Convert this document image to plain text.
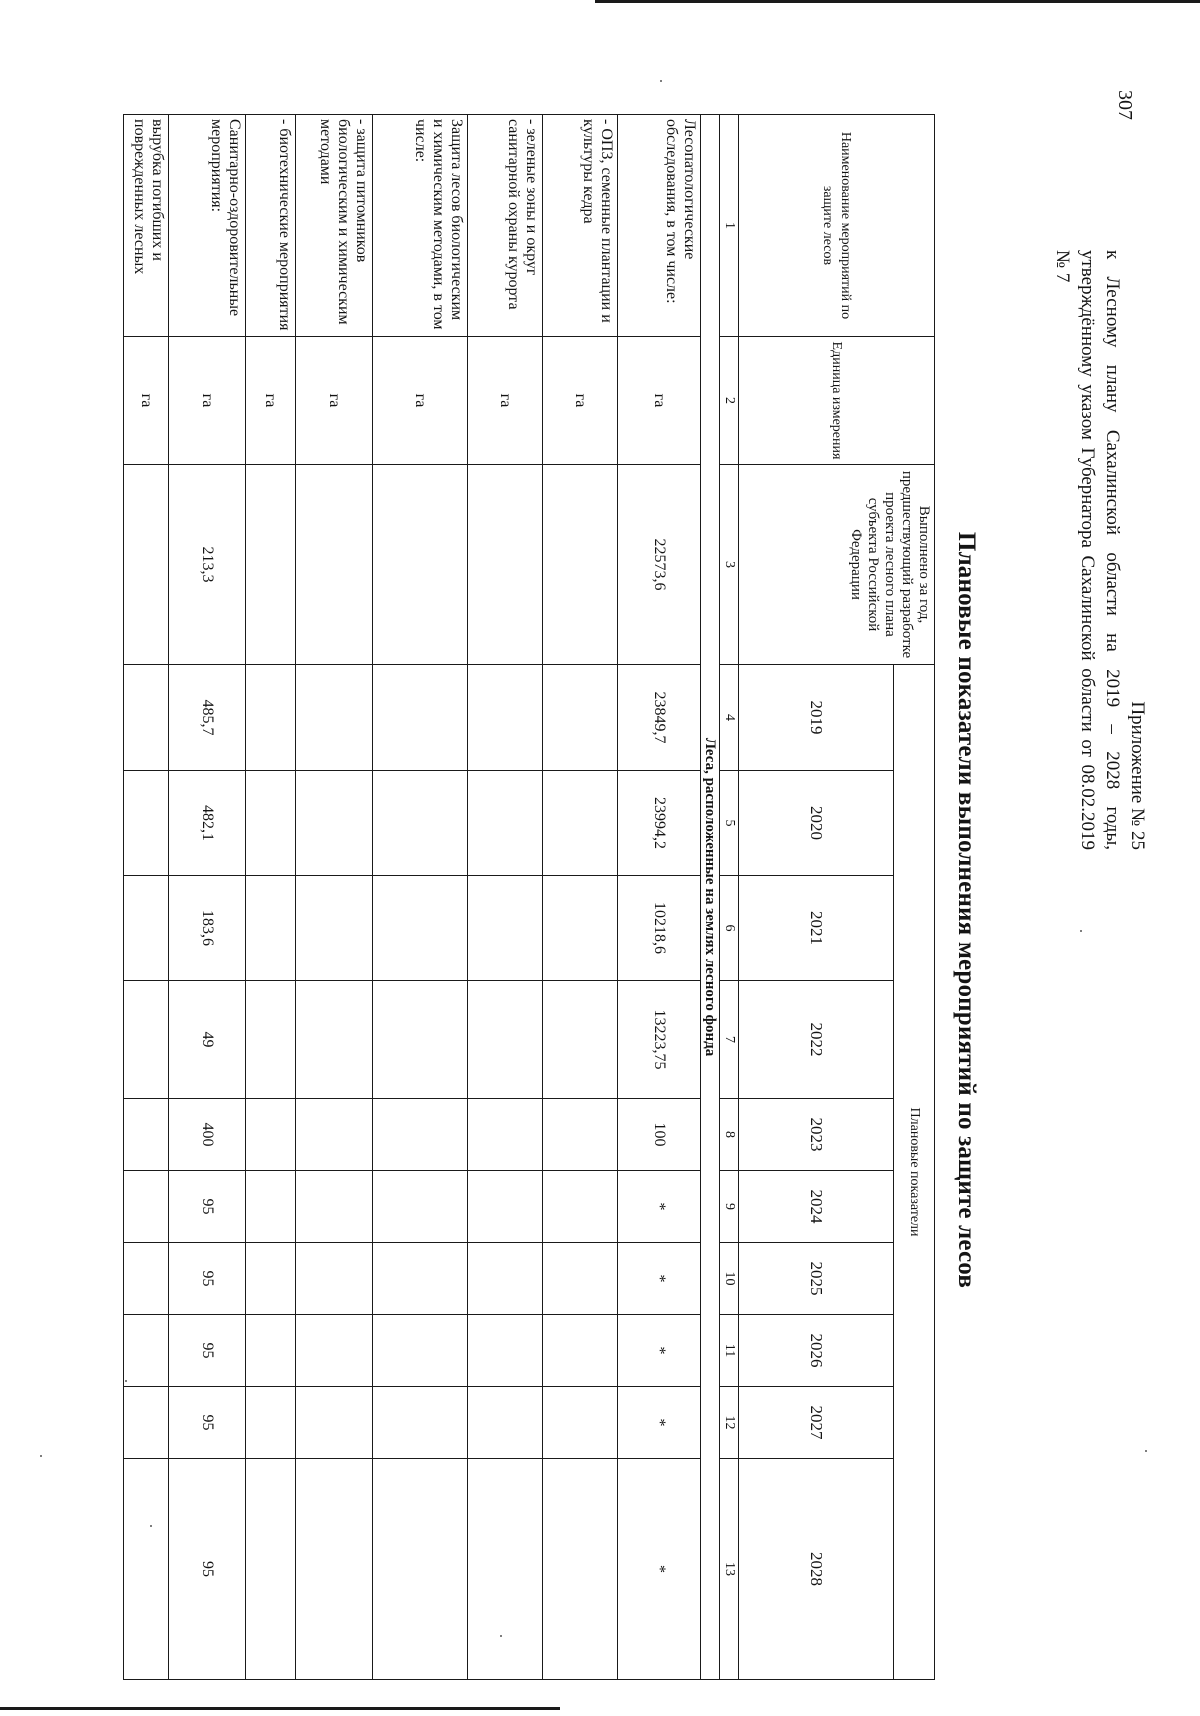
307
Приложение № 25
к Лесному плану Сахалинской области на 2019 – 2028 годы, утверждённому указом Губернатора Сахалинской области от 08.02.2019 № 7
Плановые показатели выполнения мероприятий по защите лесов
Наименование мероприятий по защите лесов	Единица измерения	Выполнено за год, предшествующий разработке проекта лесного плана субъекта Российской Федерации	Плановые показатели									
			2019	2020	2021	2022	2023	2024	2025	2026	2027	2028
1	2	3	4	5	6	7	8	9	10	11	12	13
Леса, расположенные на землях лесного фонда												
Лесопатологические обследования, в том числе:	га	22573,6	23849,7	23994,2	10218,6	13223,75	100	*	*	*	*	*
- ОПЗ, семенные плантации и культуры кедра	га											
- зеленые зоны и округ санитарной охраны курорта	га											
Защита лесов биологическим и химическим методами, в том числе:	га											
- защита питомников биологическим и химическим методами	га											
- биотехнические мероприятия	га											
Санитарно-оздоровительные мероприятия:	га	213,3	485,7	482,1	183,6	49	400	95	95	95	95	95
вырубка погибших и поврежденных лесных	га											
